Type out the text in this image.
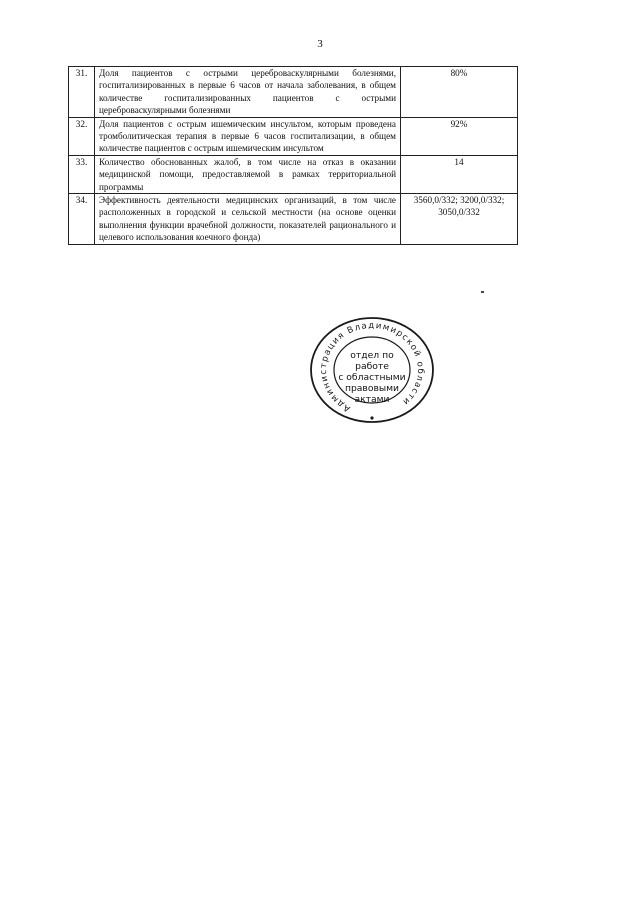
3
31.	Доля пациентов с острыми цереброваскулярными болезнями, госпитализированных в первые 6 часов от начала заболевания, в общем количестве госпитализированных пациентов с острыми цереброваскулярными болезнями	80%
32.	Доля пациентов с острым ишемическим инсультом, которым проведена тромболитическая терапия в первые 6 часов госпитализации, в общем количестве пациентов с острым ишемическим инсультом	92%
33.	Количество обоснованных жалоб, в том числе на отказ в оказании медицинской помощи, предоставляемой в рамках территориальной программы	14
34.	Эффективность деятельности медицинских организаций, в том числе расположенных в городской и сельской местности (на основе оценки выполнения функции врачебной должности, показателей рационального и целевого использования коечного фонда)	3560,0/332; 3200,0/332; 3050,0/332
Администрация Владимирской области
отдел по работе
с областными
правовыми
актами
